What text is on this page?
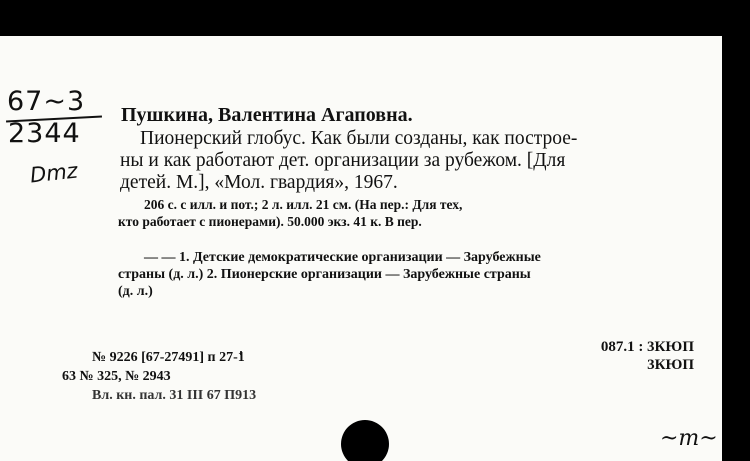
67~3
2344
Dmz
Пушкина, Валентина Агаповна.
Пионерский глобус. Как были созданы, как построе-
ны и как работают дет. организации за рубежом. [Для
детей. М.], «Мол. гвардия», 1967.
206 с. с илл. и пот.; 2 л. илл. 21 см. (На пер.: Для тех,
кто работает с пионерами). 50.000 экз. 41 к. В пер.
— — 1. Детские демократические организации — Зарубежные
страны (д. л.) 2. Пионерские организации — Зарубежные страны
(д. л.)
087.1 : 3КЮП
3КЮП
№ 9226 [67-27491] п 27-1
63 № 325, № 2943
Вл. кн. пал. 31 III 67 П913
~m~
